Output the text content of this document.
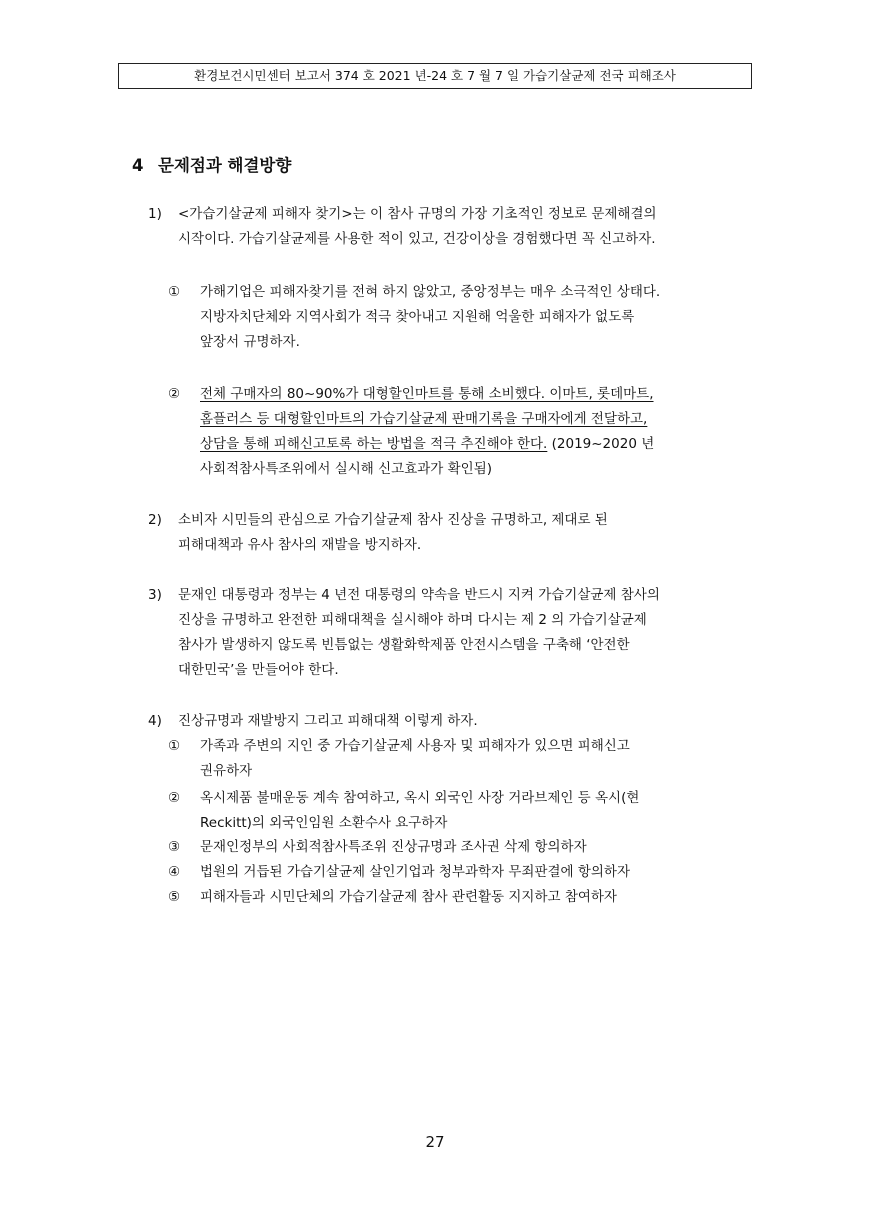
환경보건시민센터 보고서 374 호 2021 년-24 호 7 월 7 일 가습기살균제 전국 피해조사
4 문제점과 해결방향
1) <가습기살균제 피해자 찾기>는 이 참사 규명의 가장 기초적인 정보로 문제해결의
시작이다. 가습기살균제를 사용한 적이 있고, 건강이상을 경험했다면 꼭 신고하자.
① 가해기업은 피해자찾기를 전혀 하지 않았고, 중앙정부는 매우 소극적인 상태다.
지방자치단체와 지역사회가 적극 찾아내고 지원해 억울한 피해자가 없도록
앞장서 규명하자.
② 전체 구매자의 80~90%가 대형할인마트를 통해 소비했다. 이마트, 롯데마트,
홈플러스 등 대형할인마트의 가습기살균제 판매기록을 구매자에게 전달하고,
상담을 통해 피해신고토록 하는 방법을 적극 추진해야 한다. (2019~2020 년
사회적참사특조위에서 실시해 신고효과가 확인됨)
2) 소비자 시민들의 관심으로 가습기살균제 참사 진상을 규명하고, 제대로 된
피해대책과 유사 참사의 재발을 방지하자.
3) 문재인 대통령과 정부는 4 년전 대통령의 약속을 반드시 지켜 가습기살균제 참사의
진상을 규명하고 완전한 피해대책을 실시해야 하며 다시는 제 2 의 가습기살균제
참사가 발생하지 않도록 빈틈없는 생활화학제품 안전시스템을 구축해 ‘안전한
대한민국’을 만들어야 한다.
4) 진상규명과 재발방지 그리고 피해대책 이렇게 하자.
① 가족과 주변의 지인 중 가습기살균제 사용자 및 피해자가 있으면 피해신고
권유하자
② 옥시제품 불매운동 계속 참여하고, 옥시 외국인 사장 거라브제인 등 옥시(현
Reckitt)의 외국인임원 소환수사 요구하자
③ 문재인정부의 사회적참사특조위 진상규명과 조사권 삭제 항의하자
④ 법원의 거듭된 가습기살균제 살인기업과 청부과학자 무죄판결에 항의하자
⑤ 피해자들과 시민단체의 가습기살균제 참사 관련활동 지지하고 참여하자
27
